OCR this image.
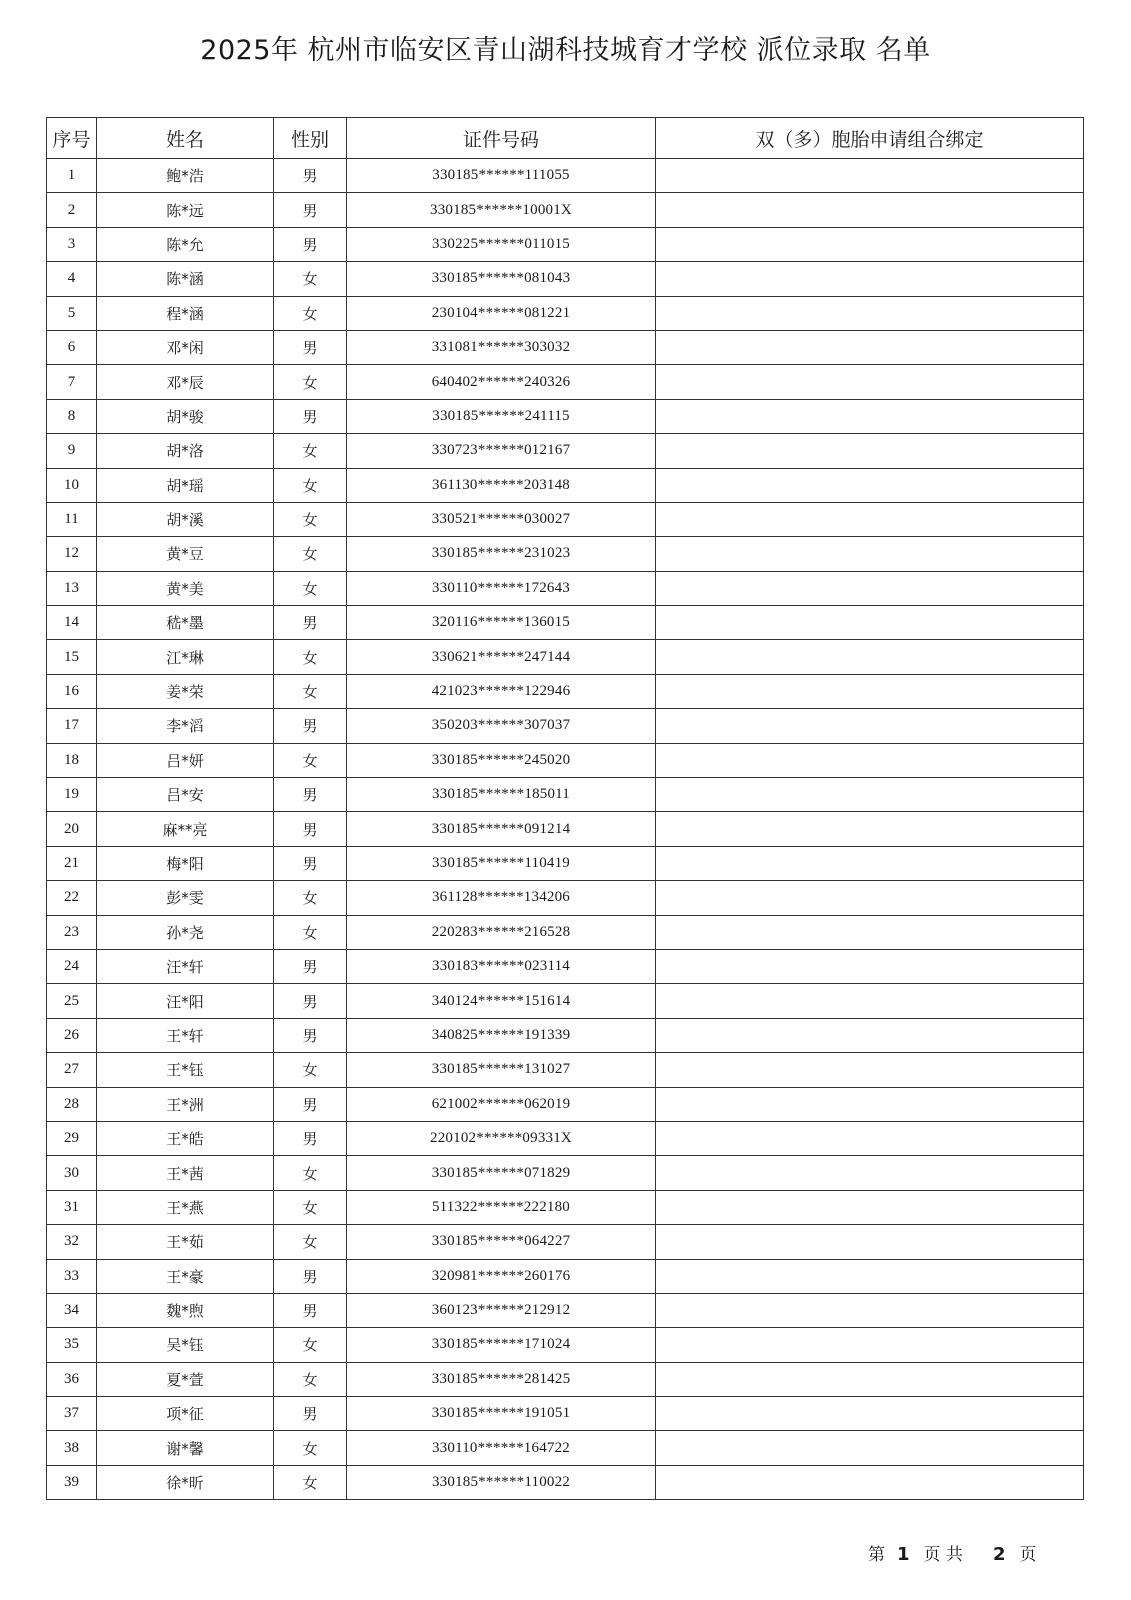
2025年 杭州市临安区青山湖科技城育才学校 派位录取 名单
序号	姓名	性别	证件号码	双（多）胞胎申请组合绑定
1	鲍*浩	男	330185******111055	
2	陈*远	男	330185******10001X	
3	陈*允	男	330225******011015	
4	陈*涵	女	330185******081043	
5	程*涵	女	230104******081221	
6	邓*闲	男	331081******303032	
7	邓*辰	女	640402******240326	
8	胡*骏	男	330185******241115	
9	胡*洛	女	330723******012167	
10	胡*瑶	女	361130******203148	
11	胡*溪	女	330521******030027	
12	黄*豆	女	330185******231023	
13	黄*美	女	330110******172643	
14	嵇*墨	男	320116******136015	
15	江*琳	女	330621******247144	
16	姜*荣	女	421023******122946	
17	李*滔	男	350203******307037	
18	吕*妍	女	330185******245020	
19	吕*安	男	330185******185011	
20	麻**亮	男	330185******091214	
21	梅*阳	男	330185******110419	
22	彭*雯	女	361128******134206	
23	孙*尧	女	220283******216528	
24	汪*轩	男	330183******023114	
25	汪*阳	男	340124******151614	
26	王*轩	男	340825******191339	
27	王*钰	女	330185******131027	
28	王*洲	男	621002******062019	
29	王*皓	男	220102******09331X	
30	王*茜	女	330185******071829	
31	王*燕	女	511322******222180	
32	王*茹	女	330185******064227	
33	王*豪	男	320981******260176	
34	魏*煦	男	360123******212912	
35	吴*钰	女	330185******171024	
36	夏*萱	女	330185******281425	
37	项*征	男	330185******191051	
38	谢*馨	女	330110******164722	
39	徐*昕	女	330185******110022	
第 1 页 共 2 页
